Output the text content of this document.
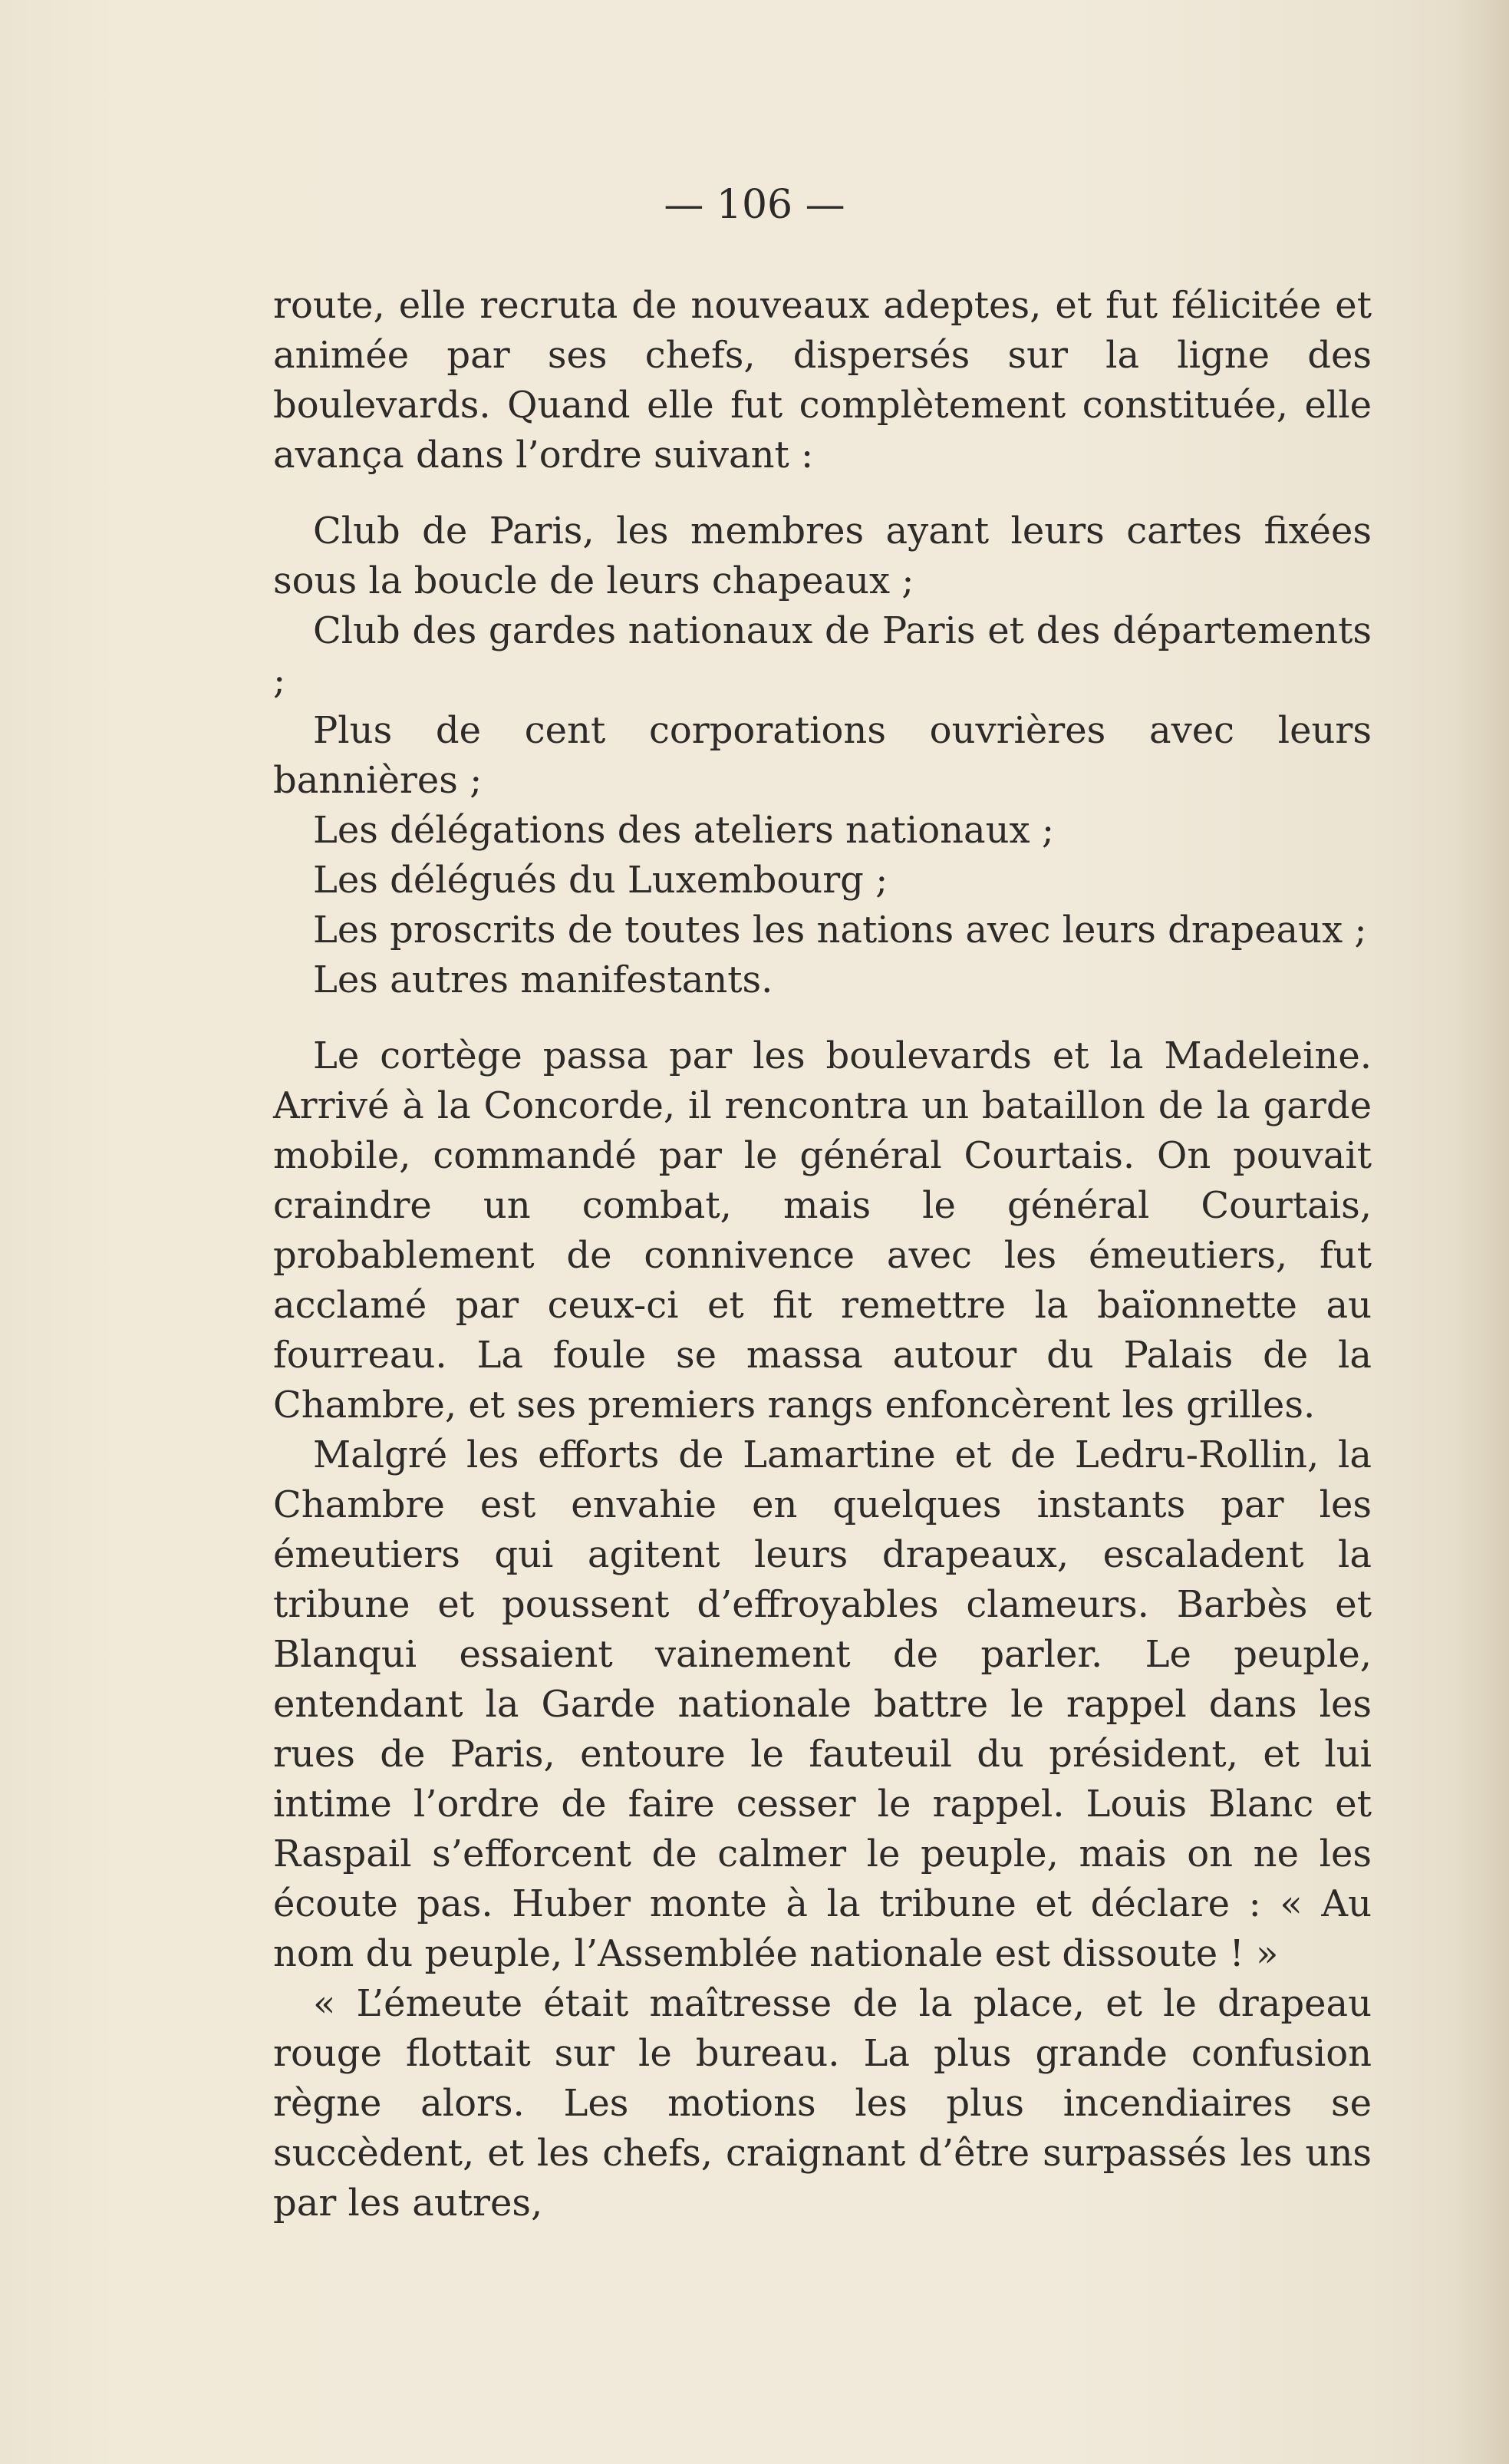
— 106 —

route, elle recruta de nouveaux adeptes, et fut félicitée et animée par ses chefs, dispersés sur la ligne des boulevards. Quand elle fut complètement constituée, elle avança dans l’ordre suivant :

Club de Paris, les membres ayant leurs cartes fixées sous la boucle de leurs chapeaux ;
Club des gardes nationaux de Paris et des départements ;
Plus de cent corporations ouvrières avec leurs bannières ;
Les délégations des ateliers nationaux ;
Les délégués du Luxembourg ;
Les proscrits de toutes les nations avec leurs drapeaux ;
Les autres manifestants.

Le cortège passa par les boulevards et la Madeleine. Arrivé à la Concorde, il rencontra un bataillon de la garde mobile, commandé par le général Courtais. On pouvait craindre un combat, mais le général Courtais, probablement de connivence avec les émeutiers, fut acclamé par ceux-ci et fit remettre la baïonnette au fourreau. La foule se massa autour du Palais de la Chambre, et ses premiers rangs enfoncèrent les grilles.

Malgré les efforts de Lamartine et de Ledru-Rollin, la Chambre est envahie en quelques instants par les émeutiers qui agitent leurs drapeaux, escaladent la tribune et poussent d’effroyables clameurs. Barbès et Blanqui essaient vainement de parler. Le peuple, entendant la Garde nationale battre le rappel dans les rues de Paris, entoure le fauteuil du président, et lui intime l’ordre de faire cesser le rappel. Louis Blanc et Raspail s’efforcent de calmer le peuple, mais on ne les écoute pas. Huber monte à la tribune et déclare : « Au nom du peuple, l’Assemblée nationale est dissoute ! »

« L’émeute était maîtresse de la place, et le drapeau rouge flottait sur le bureau. La plus grande confusion règne alors. Les motions les plus incendiaires se succèdent, et les chefs, craignant d’être surpassés les uns par les autres,
